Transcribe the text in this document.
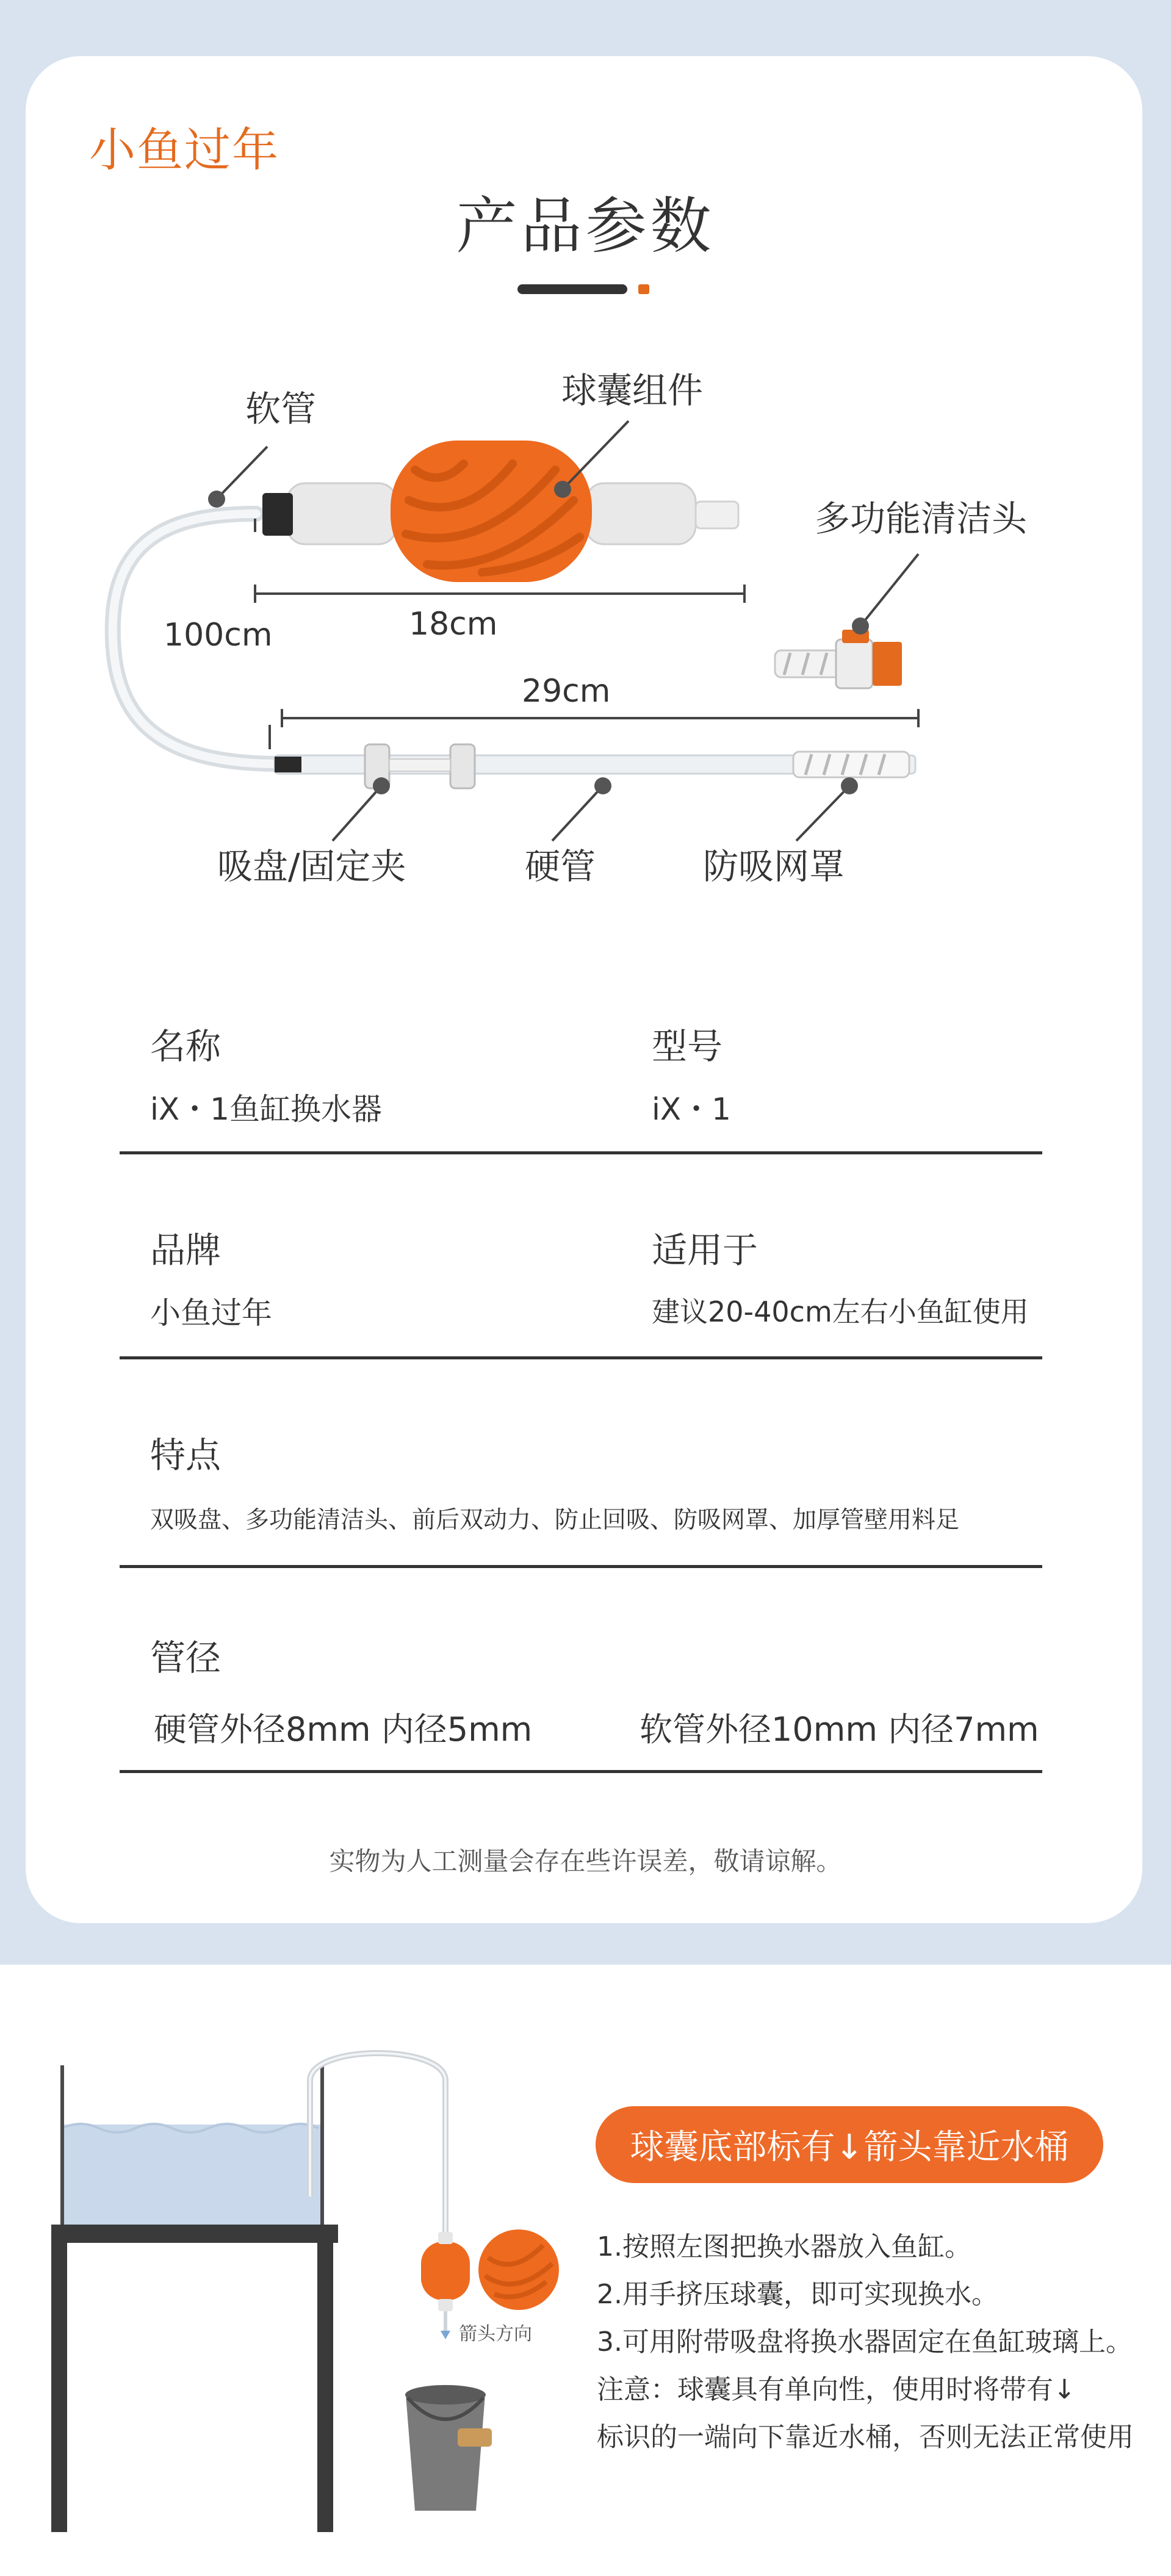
小鱼过年
产品参数
软管	球囊组件
多功能清洁头
100cm	18cm
29cm
吸盘/固定夹	硬管	防吸网罩
名称
iX・1鱼缸换水器
型号
iX・1
品牌
小鱼过年
适用于
建议20-40cm左右小鱼缸使用
特点
双吸盘、多功能清洁头、前后双动力、防止回吸、防吸网罩、加厚管壁用料足
管径
硬管外径8mm 内径5mm	软管外径10mm 内径7mm
实物为人工测量会存在些许误差，敬请谅解。
箭头方向
球囊底部标有↓箭头靠近水桶
1.按照左图把换水器放入鱼缸。
2.用手挤压球囊，即可实现换水。
3.可用附带吸盘将换水器固定在鱼缸玻璃上。
注意：球囊具有单向性，使用时将带有↓
标识的一端向下靠近水桶，否则无法正常使用
